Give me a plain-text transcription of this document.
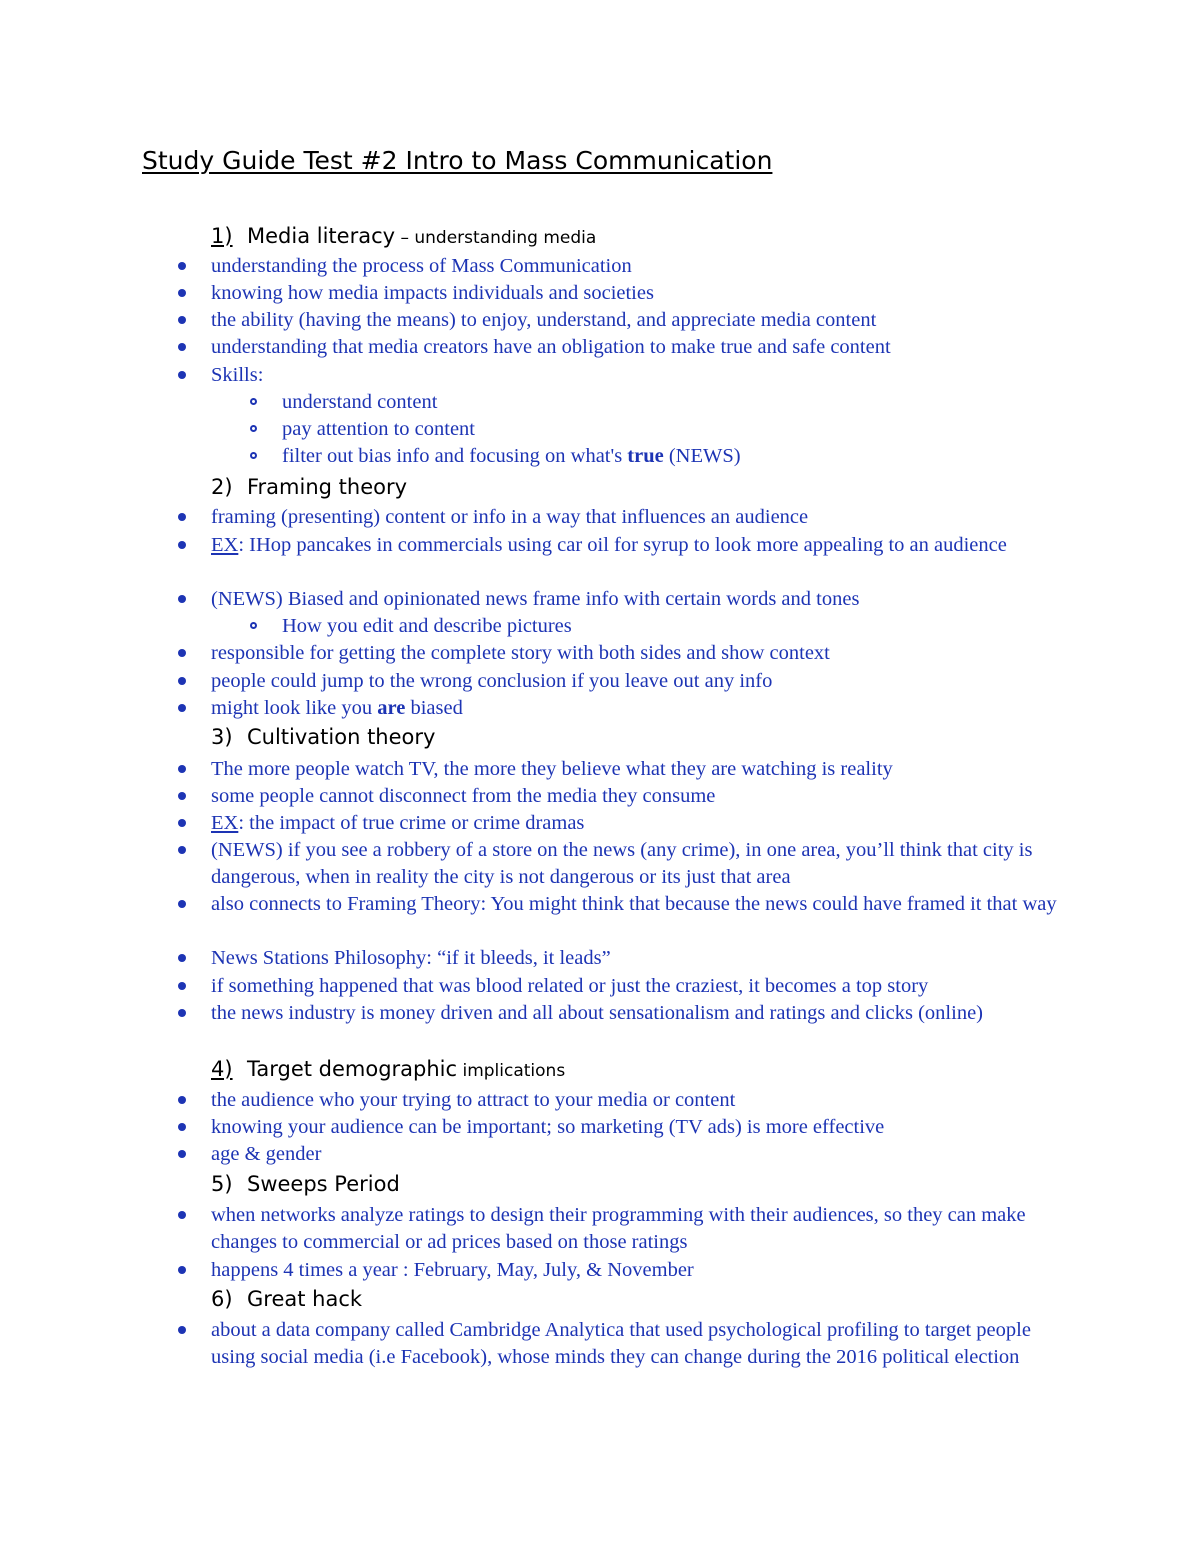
Study Guide Test #2 Intro to Mass Communication
1) Media literacy – understanding media
understanding the process of Mass Communication
knowing how media impacts individuals and societies
the ability (having the means) to enjoy, understand, and appreciate media content
understanding that media creators have an obligation to make true and safe content
Skills:
understand content
pay attention to content
filter out bias info and focusing on what's true (NEWS)
2) Framing theory
framing (presenting) content or info in a way that influences an audience
EX: IHop pancakes in commercials using car oil for syrup to look more appealing to an audience
(NEWS) Biased and opinionated news frame info with certain words and tones
How you edit and describe pictures
responsible for getting the complete story with both sides and show context
people could jump to the wrong conclusion if you leave out any info
might look like you are biased
3) Cultivation theory
The more people watch TV, the more they believe what they are watching is reality
some people cannot disconnect from the media they consume
EX: the impact of true crime or crime dramas
(NEWS) if you see a robbery of a store on the news (any crime), in one area, you’ll think that city is dangerous, when in reality the city is not dangerous or its just that area
also connects to Framing Theory: You might think that because the news could have framed it that way
News Stations Philosophy: “if it bleeds, it leads”
if something happened that was blood related or just the craziest, it becomes a top story
the news industry is money driven and all about sensationalism and ratings and clicks (online)
4) Target demographic implications
the audience who your trying to attract to your media or content
knowing your audience can be important; so marketing (TV ads) is more effective
age & gender
5) Sweeps Period
when networks analyze ratings to design their programming with their audiences, so they can make changes to commercial or ad prices based on those ratings
happens 4 times a year : February, May, July, & November
6) Great hack
about a data company called Cambridge Analytica that used psychological profiling to target people using social media (i.e Facebook), whose minds they can change during the 2016 political election
